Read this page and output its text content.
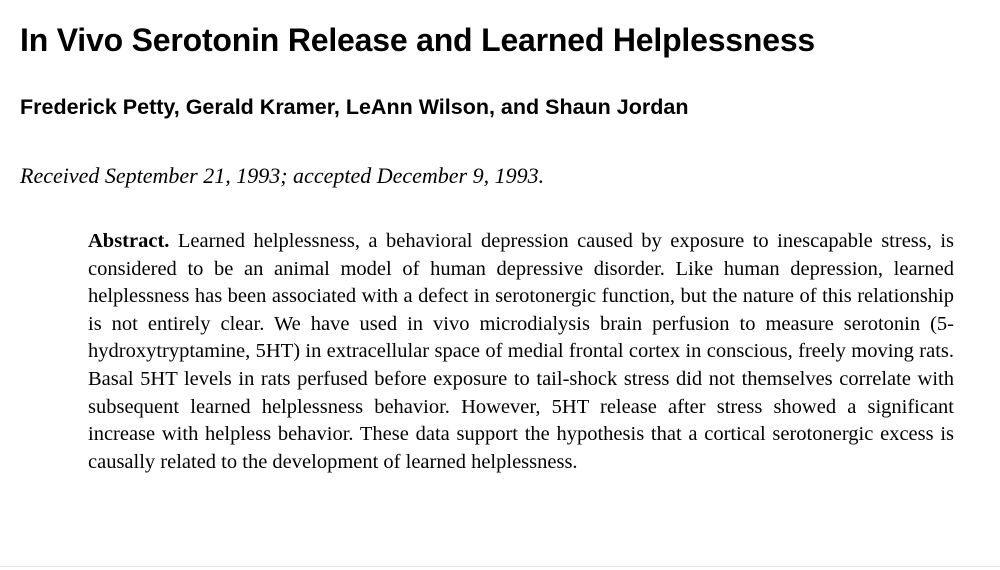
In Vivo Serotonin Release and Learned Helplessness

Frederick Petty, Gerald Kramer, LeAnn Wilson, and Shaun Jordan

Received September 21, 1993; accepted December 9, 1993.

Abstract. Learned helplessness, a behavioral depression caused by exposure to inescapable stress, is considered to be an animal model of human depressive disorder. Like human depression, learned helplessness has been associated with a defect in serotonergic function, but the nature of this relationship is not entirely clear. We have used in vivo microdialysis brain perfusion to measure serotonin (5-hydroxytryptamine, 5HT) in extracellular space of medial frontal cortex in conscious, freely moving rats. Basal 5HT levels in rats perfused before exposure to tail-shock stress did not themselves correlate with subsequent learned helplessness behavior. However, 5HT release after stress showed a significant increase with helpless behavior. These data support the hypothesis that a cortical serotonergic excess is causally related to the development of learned helplessness.
